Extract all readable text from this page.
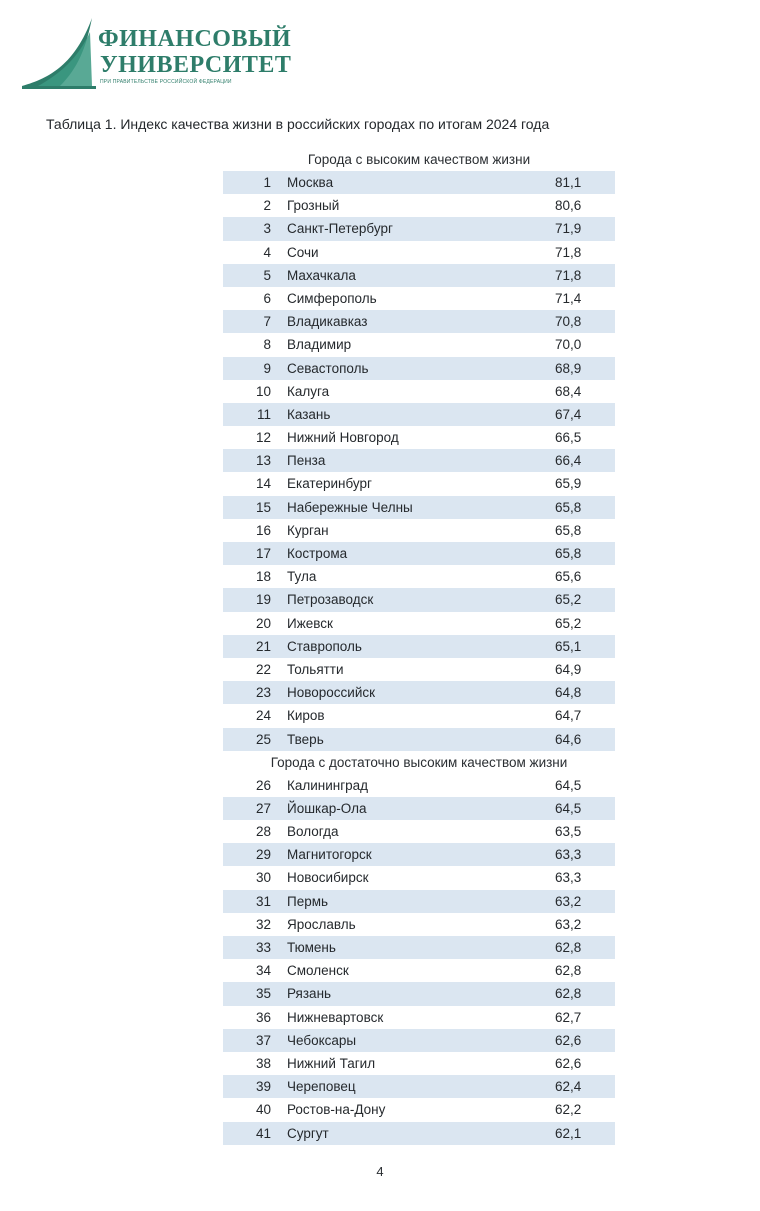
ФИНАНСОВЫЙ
УНИВЕРСИТЕТ
ПРИ ПРАВИТЕЛЬСТВЕ РОССИЙСКОЙ ФЕДЕРАЦИИ
Таблица 1. Индекс качества жизни в российских городах по итогам 2024 года
Города с высоким качеством жизни
1 Москва	81,1
2 Грозный	80,6
3 Санкт-Петербург	71,9
4 Сочи	71,8
5 Махачкала	71,8
6 Симферополь	71,4
7 Владикавказ	70,8
8 Владимир	70,0
9 Севастополь	68,9
10 Калуга	68,4
11 Казань	67,4
12 Нижний Новгород	66,5
13 Пенза	66,4
14 Екатеринбург	65,9
15 Набережные Челны	65,8
16 Курган	65,8
17 Кострома	65,8
18 Тула	65,6
19 Петрозаводск	65,2
20 Ижевск	65,2
21 Ставрополь	65,1
22 Тольятти	64,9
23 Новороссийск	64,8
24 Киров	64,7
25 Тверь	64,6
Города с достаточно высоким качеством жизни
26 Калининград	64,5
27 Йошкар-Ола	64,5
28 Вологда	63,5
29 Магнитогорск	63,3
30 Новосибирск	63,3
31 Пермь	63,2
32 Ярославль	63,2
33 Тюмень	62,8
34 Смоленск	62,8
35 Рязань	62,8
36 Нижневартовск	62,7
37 Чебоксары	62,6
38 Нижний Тагил	62,6
39 Череповец	62,4
40 Ростов-на-Дону	62,2
41 Сургут	62,1
4
